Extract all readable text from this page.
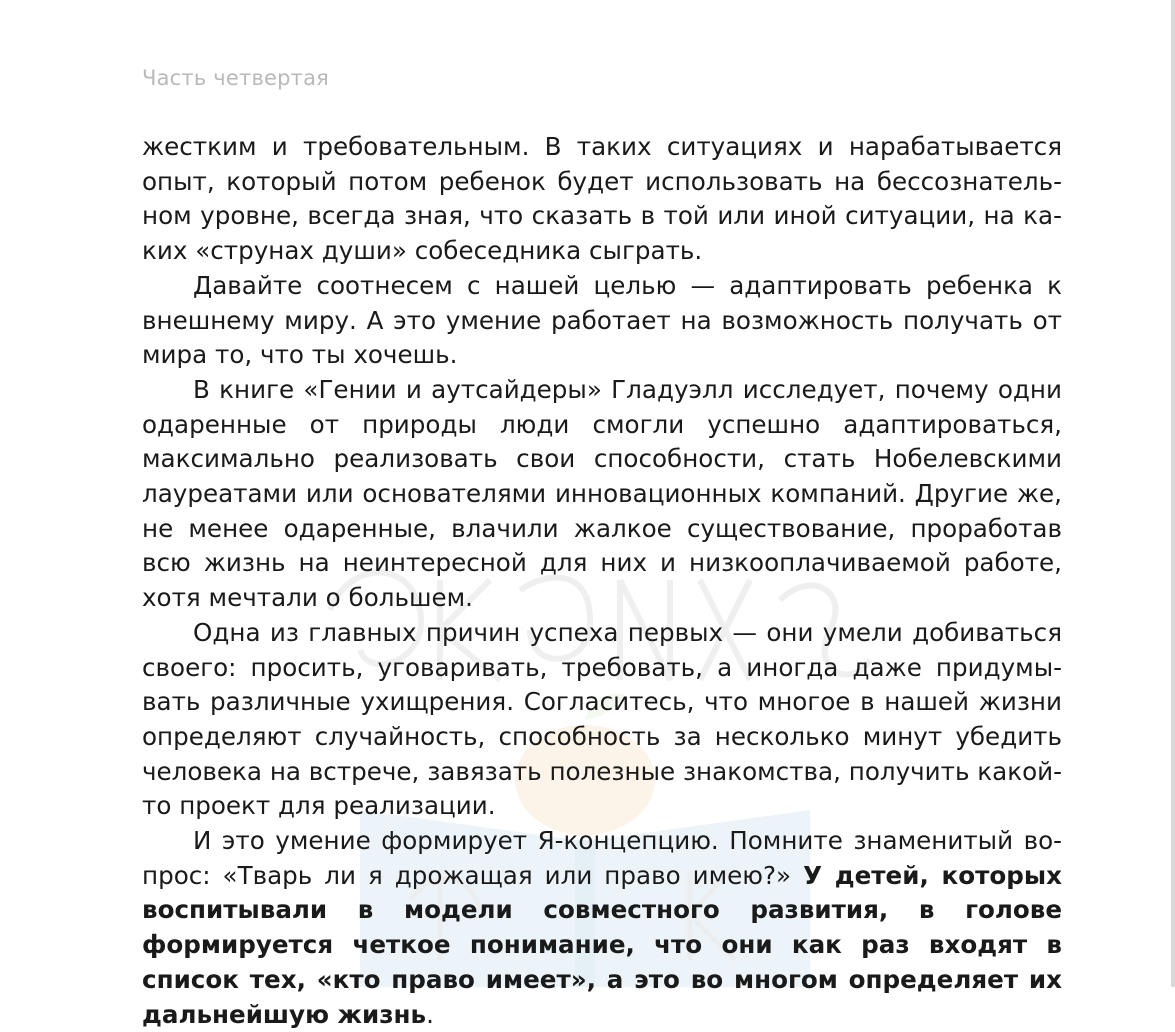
Часть четвертая

жестким и требовательным. В таких ситуациях и нарабатывается опыт, который потом ребенок будет использовать на бессознательном уровне, всегда зная, что сказать в той или иной ситуации, на каких «струнах души» собеседника сыграть.

Давайте соотнесем с нашей целью — адаптировать ребенка к внешнему миру. А это умение работает на возможность получать от мира то, что ты хочешь.

В книге «Гении и аутсайдеры» Гладуэлл исследует, почему одни одаренные от природы люди смогли успешно адаптироваться, максимально реализовать свои способности, стать Нобелевскими лауреатами или основателями инновационных компаний. Другие же, не менее одаренные, влачили жалкое существование, проработав всю жизнь на неинтересной для них и низкооплачиваемой работе, хотя мечтали о большем.

Одна из главных причин успеха первых — они умели добиваться своего: просить, уговаривать, требовать, а иногда даже придумывать различные ухищрения. Согласитесь, что многое в нашей жизни определяют случайность, способность за несколько минут убедить человека на встрече, завязать полезные знакомства, получить какой-то проект для реализации.

И это умение формирует Я-концепцию. Помните знаменитый вопрос: «Тварь ли я дрожащая или право имею?» У детей, которых воспитывали в модели совместного развития, в голове формируется четкое понимание, что они как раз входят в список тех, «кто право имеет», а это во многом определяет их дальнейшую жизнь.
